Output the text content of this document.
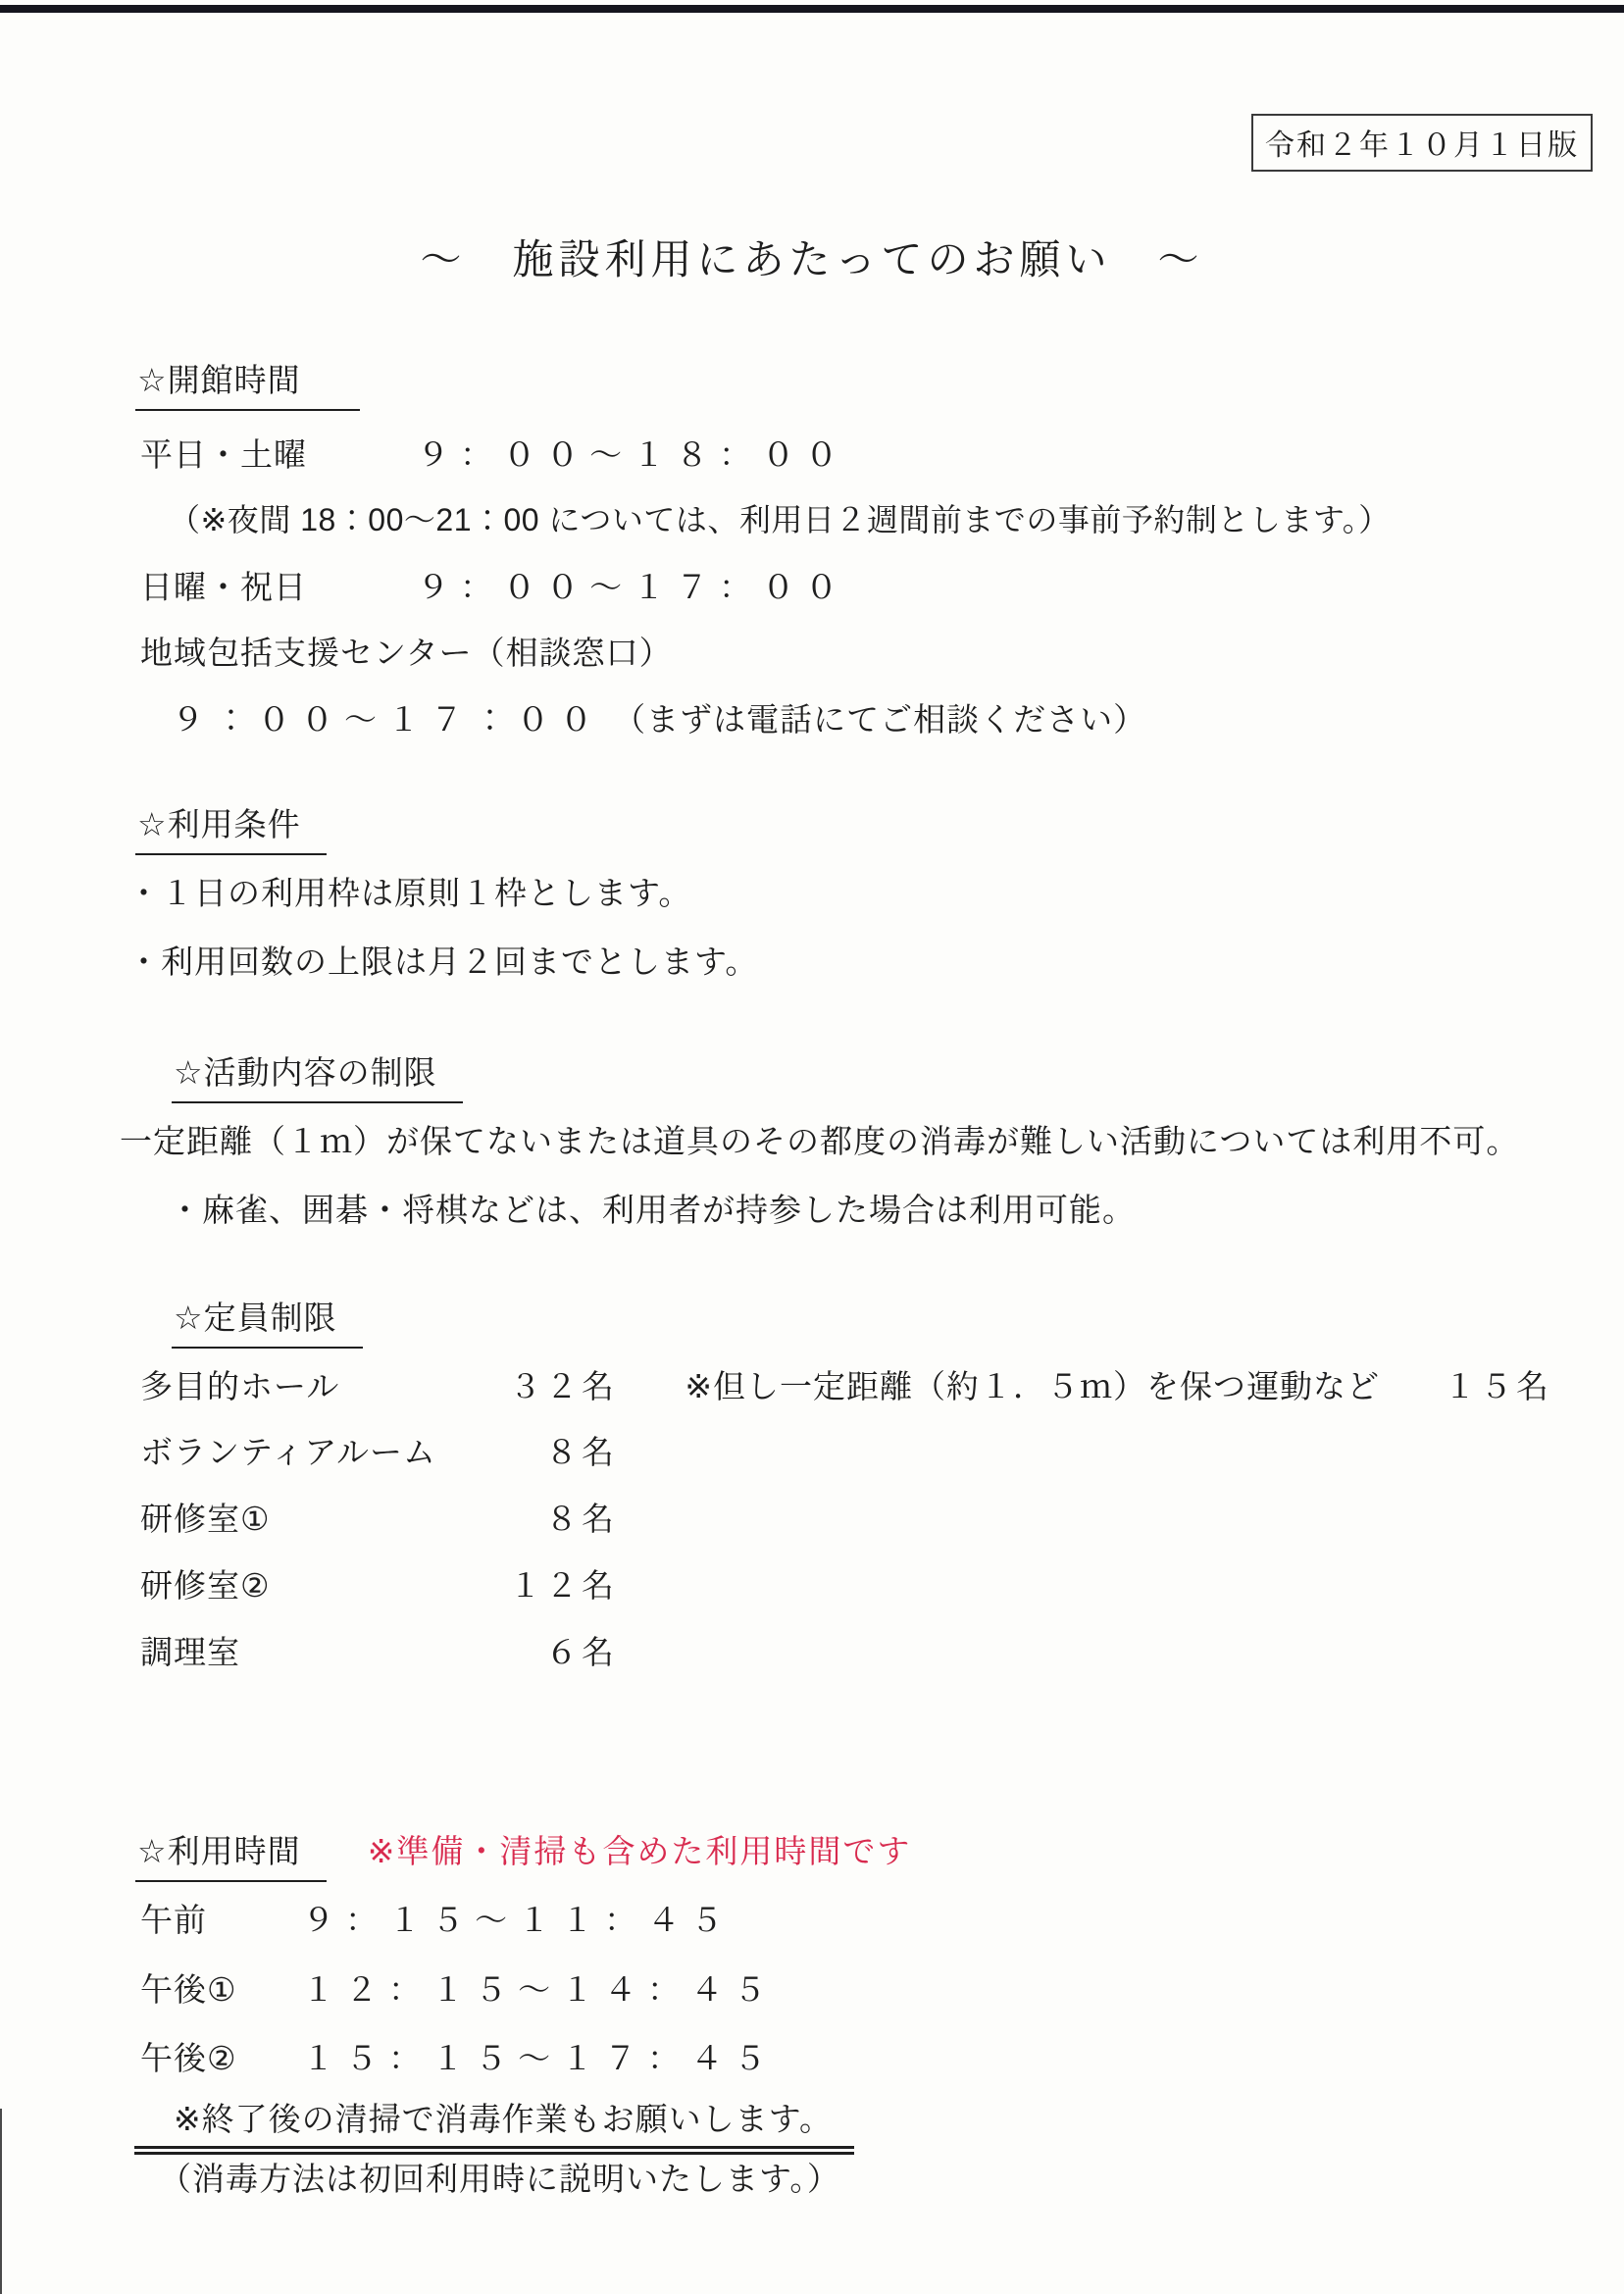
令和２年１０月１日版
～　施設利用にあたってのお願い　～
☆開館時間
平日・土曜	９：００～１８：００
（※夜間 18：00～21：00 については、利用日２週間前までの事前予約制とします。）
日曜・祝日	９：００～１７：００
地域包括支援センター（相談窓口）
９：００～１７：００ （まずは電話にてご相談ください）
☆利用条件
・１日の利用枠は原則１枠とします。
・利用回数の上限は月２回までとします。
☆活動内容の制限
一定距離（１ｍ）が保てないまたは道具のその都度の消毒が難しい活動については利用不可。
・麻雀、囲碁・将棋などは、利用者が持参した場合は利用可能。
☆定員制限
多目的ホール	３２名 ※但し一定距離（約１．５ｍ）を保つ運動など １５名
ボランティアルーム	８名
研修室①	８名
研修室②	１２名
調理室	６名
☆利用時間 ※準備・清掃も含めた利用時間です
午前	９：１５～１１：４５
午後① １２：１５～１４：４５
午後② １５：１５～１７：４５
※終了後の清掃で消毒作業もお願いします。
（消毒方法は初回利用時に説明いたします。）
